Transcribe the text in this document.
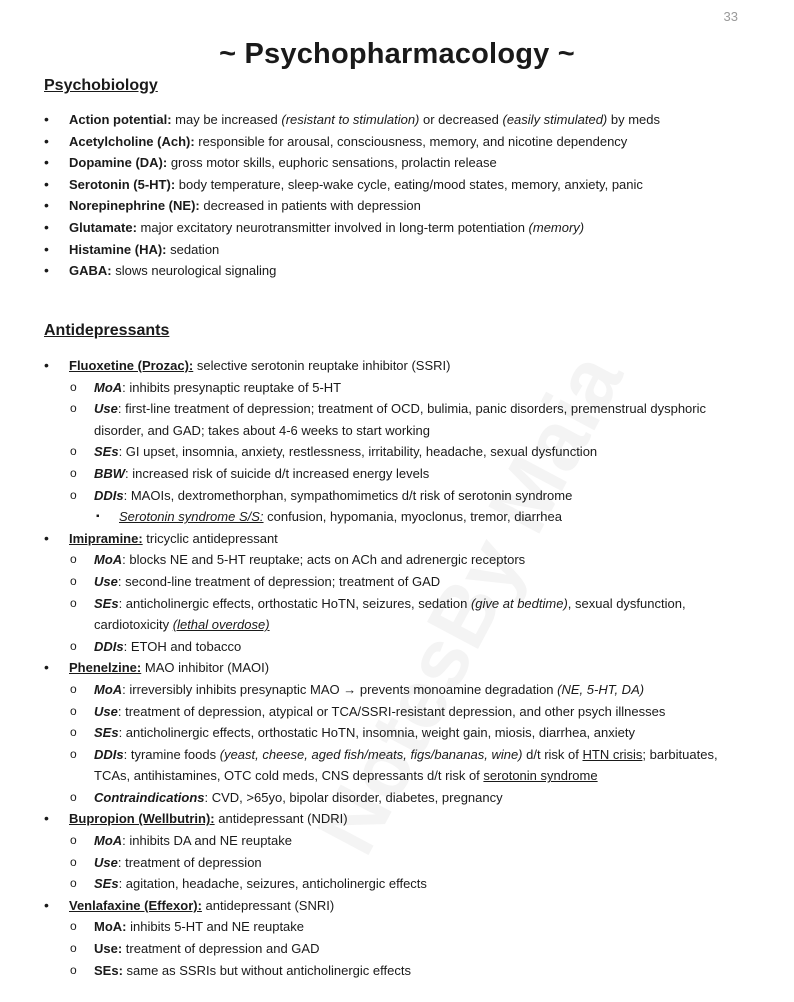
33
~ Psychopharmacology ~
Psychobiology
• Action potential: may be increased (resistant to stimulation) or decreased (easily stimulated) by meds
• Acetylcholine (Ach): responsible for arousal, consciousness, memory, and nicotine dependency
• Dopamine (DA): gross motor skills, euphoric sensations, prolactin release
• Serotonin (5-HT): body temperature, sleep-wake cycle, eating/mood states, memory, anxiety, panic
• Norepinephrine (NE): decreased in patients with depression
• Glutamate: major excitatory neurotransmitter involved in long-term potentiation (memory)
• Histamine (HA): sedation
• GABA: slows neurological signaling
Antidepressants
• Fluoxetine (Prozac): selective serotonin reuptake inhibitor (SSRI)
o MoA: inhibits presynaptic reuptake of 5-HT
o Use: first-line treatment of depression; treatment of OCD, bulimia, panic disorders, premenstrual dysphoric disorder, and GAD; takes about 4-6 weeks to start working
o SEs: GI upset, insomnia, anxiety, restlessness, irritability, headache, sexual dysfunction
o BBW: increased risk of suicide d/t increased energy levels
o DDIs: MAOIs, dextromethorphan, sympathomimetics d/t risk of serotonin syndrome
▪ Serotonin syndrome S/S: confusion, hypomania, myoclonus, tremor, diarrhea
• Imipramine: tricyclic antidepressant
o MoA: blocks NE and 5-HT reuptake; acts on ACh and adrenergic receptors
o Use: second-line treatment of depression; treatment of GAD
o SEs: anticholinergic effects, orthostatic HoTN, seizures, sedation (give at bedtime), sexual dysfunction, cardiotoxicity (lethal overdose)
o DDIs: ETOH and tobacco
• Phenelzine: MAO inhibitor (MAOI)
o MoA: irreversibly inhibits presynaptic MAO → prevents monoamine degradation (NE, 5-HT, DA)
o Use: treatment of depression, atypical or TCA/SSRI-resistant depression, and other psych illnesses
o SEs: anticholinergic effects, orthostatic HoTN, insomnia, weight gain, miosis, diarrhea, anxiety
o DDIs: tyramine foods (yeast, cheese, aged fish/meats, figs/bananas, wine) d/t risk of HTN crisis; barbituates, TCAs, antihistamines, OTC cold meds, CNS depressants d/t risk of serotonin syndrome
o Contraindications: CVD, >65yo, bipolar disorder, diabetes, pregnancy
• Bupropion (Wellbutrin): antidepressant (NDRI)
o MoA: inhibits DA and NE reuptake
o Use: treatment of depression
o SEs: agitation, headache, seizures, anticholinergic effects
• Venlafaxine (Effexor): antidepressant (SNRI)
o MoA: inhibits 5-HT and NE reuptake
o Use: treatment of depression and GAD
o SEs: same as SSRIs but without anticholinergic effects
